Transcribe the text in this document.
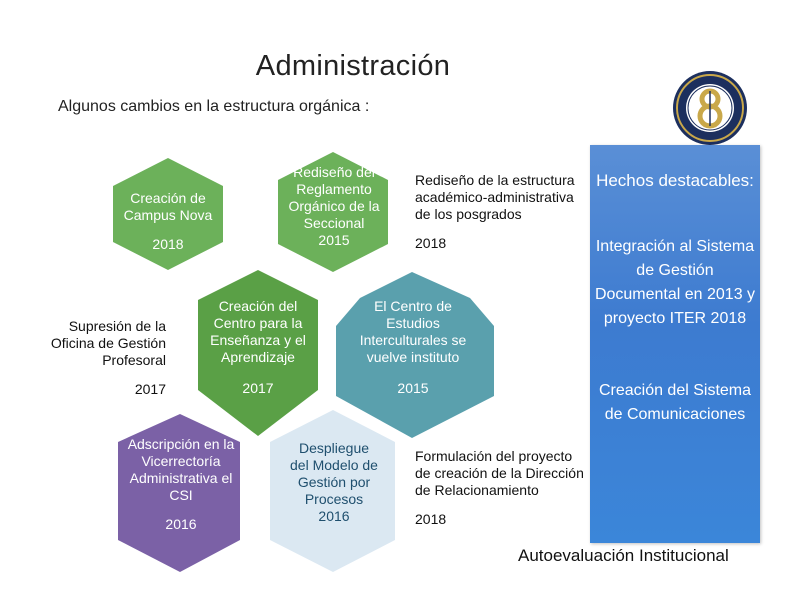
Administración
Algunos cambios en la estructura orgánica :
Creación de Campus Nova
2018
Rediseño del Reglamento Orgánico de la Seccional
2015
Creación del Centro para la Enseñanza y el Aprendizaje
2017
El Centro de Estudios Interculturales se vuelve instituto
2015
Adscripción en la Vicerrectoría Administrativa el CSI
2016
Despliegue del Modelo de Gestión por Procesos
2016
Supresión de la Oficina de Gestión Profesoral
2017
Rediseño de la estructura académico-administrativa de los posgrados
2018
Formulación del proyecto de creación de la Dirección de Relacionamiento
2018
Hechos destacables:
Integración al Sistema de Gestión Documental en 2013 y proyecto ITER 2018
Creación del Sistema de Comunicaciones
Autoevaluación Institucional
